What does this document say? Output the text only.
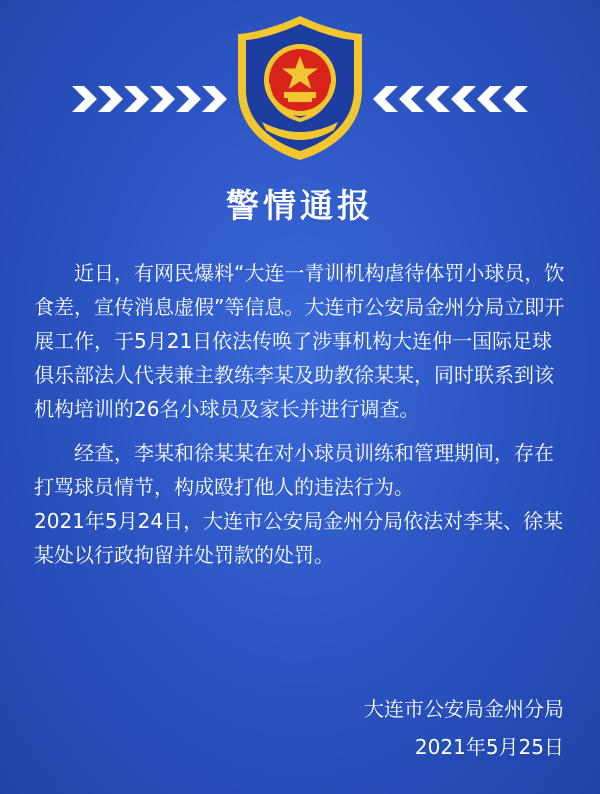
警情通报

近日，有网民爆料“大连一青训机构虐待体罚小球员，饮食差，宣传消息虚假”等信息。大连市公安局金州分局立即开展工作，于5月21日依法传唤了涉事机构大连仲一国际足球俱乐部法人代表兼主教练李某及助教徐某某，同时联系到该机构培训的26名小球员及家长并进行调查。

经查，李某和徐某某在对小球员训练和管理期间，存在打骂球员情节，构成殴打他人的违法行为。

2021年5月24日，大连市公安局金州分局依法对李某、徐某某处以行政拘留并处罚款的处罚。

大连市公安局金州分局
2021年5月25日
